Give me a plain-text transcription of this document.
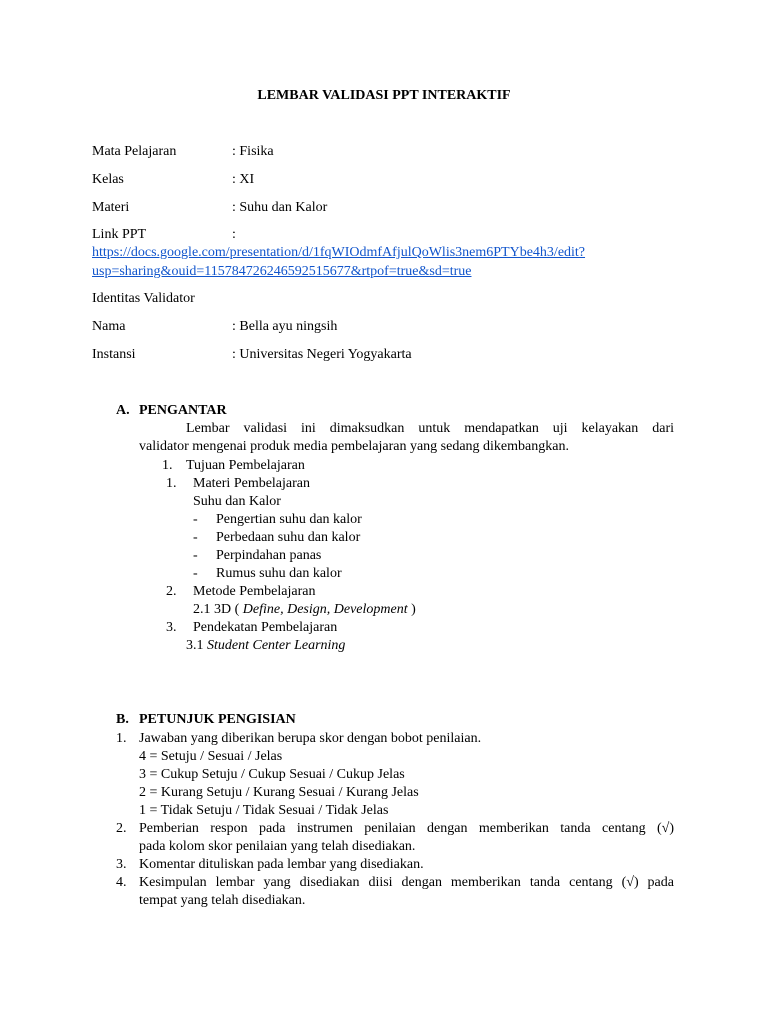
LEMBAR VALIDASI PPT INTERAKTIF
Mata Pelajaran	: Fisika
Kelas	: XI
Materi	: Suhu dan Kalor
Link PPT	:
https://docs.google.com/presentation/d/1fqWIOdmfAfjulQoWlis3nem6PTYbe4h3/edit?
usp=sharing&ouid=115784726246592515677&rtpof=true&sd=true
Identitas Validator
Nama	: Bella ayu ningsih
Instansi	: Universitas Negeri Yogyakarta
A. PENGANTAR
Lembar validasi ini dimaksudkan untuk mendapatkan uji kelayakan dari
validator mengenai produk media pembelajaran yang sedang dikembangkan.
1. Tujuan Pembelajaran
1. Materi Pembelajaran
Suhu dan Kalor
- Pengertian suhu dan kalor
- Perbedaan suhu dan kalor
- Perpindahan panas
- Rumus suhu dan kalor
2. Metode Pembelajaran
2.1 3D ( Define, Design, Development )
3. Pendekatan Pembelajaran
3.1 Student Center Learning
B. PETUNJUK PENGISIAN
1. Jawaban yang diberikan berupa skor dengan bobot penilaian.
4 = Setuju / Sesuai / Jelas
3 = Cukup Setuju / Cukup Sesuai / Cukup Jelas
2 = Kurang Setuju / Kurang Sesuai / Kurang Jelas
1 = Tidak Setuju / Tidak Sesuai / Tidak Jelas
2. Pemberian respon pada instrumen penilaian dengan memberikan tanda centang (√)
pada kolom skor penilaian yang telah disediakan.
3. Komentar dituliskan pada lembar yang disediakan.
4. Kesimpulan lembar yang disediakan diisi dengan memberikan tanda centang (√) pada
tempat yang telah disediakan.
